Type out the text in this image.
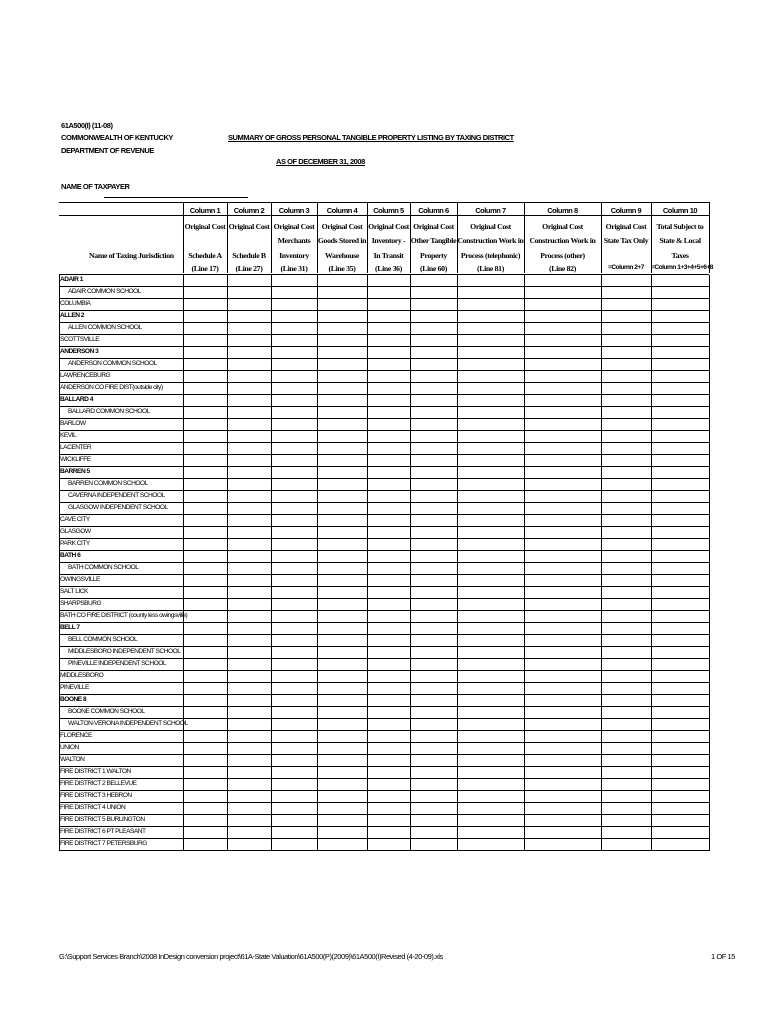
61A500(I) (11-08)
COMMONWEALTH OF KENTUCKY
DEPARTMENT OF REVENUE
SUMMARY OF GROSS PERSONAL TANGIBLE PROPERTY LISTING BY TAXING DISTRICT
AS OF DECEMBER 31, 2008
NAME OF TAXPAYER
Name of Taxing Jurisdiction
Column 1
Original Cost
Schedule A
(Line 17)
Column 2
Original Cost
Schedule B
(Line 27)
Column 3
Original Cost
Merchants
Inventory
(Line 31)
Column 4
Original Cost
Goods Stored in
Warehouse
(Line 35)
Column 5
Original Cost
Inventory -
In Transit
(Line 36)
Column 6
Original Cost
Other Tangible
Property
(Line 60)
Column 7
Original Cost
Construction Work in
Process (telephonic)
(Line 81)
Column 8
Original Cost
Construction Work in
Process (other)
(Line 82)
Column 9
Original Cost
State Tax Only
=Column 2+7
Column 10
Total Subject to
State & Local
Taxes
=Column 1+3+4+5+6+8
ADAIR 1
ADAIR COMMON SCHOOL
COLUMBIA
ALLEN 2
ALLEN COMMON SCHOOL
SCOTTSVILLE
ANDERSON 3
ANDERSON COMMON SCHOOL
LAWRENCEBURG
ANDERSON CO FIRE DIST(outside city)
BALLARD 4
BALLARD COMMON SCHOOL
BARLOW
KEVIL
LACENTER
WICKLIFFE
BARREN 5
BARREN COMMON SCHOOL
CAVERNA INDEPENDENT SCHOOL
GLASGOW INDEPENDENT SCHOOL
CAVE CITY
GLASGOW
PARK CITY
BATH 6
BATH COMMON SCHOOL
OWINGSVILLE
SALT LICK
SHARPSBURG
BATH CO FIRE DISTRICT (county less owingsville)
BELL 7
BELL COMMON SCHOOL
MIDDLESBORO INDEPENDENT SCHOOL
PINEVILLE INDEPENDENT SCHOOL
MIDDLESBORO
PINEVILLE
BOONE 8
BOONE COMMON SCHOOL
WALTON-VERONA INDEPENDENT SCHOOL
FLORENCE
UNION
WALTON
FIRE DISTRICT 1 WALTON
FIRE DISTRICT 2 BELLEVUE
FIRE DISTRICT 3 HEBRON
FIRE DISTRICT 4 UNION
FIRE DISTRICT 5 BURLINGTON
FIRE DISTRICT 6 PT PLEASANT
FIRE DISTRICT 7 PETERSBURG
G:\Support Services Branch\2008 InDesign conversion project\61A-State Valuation\61A500(P)(2009)\61A500(I)Revised (4-20-09).xls	1 OF 15
